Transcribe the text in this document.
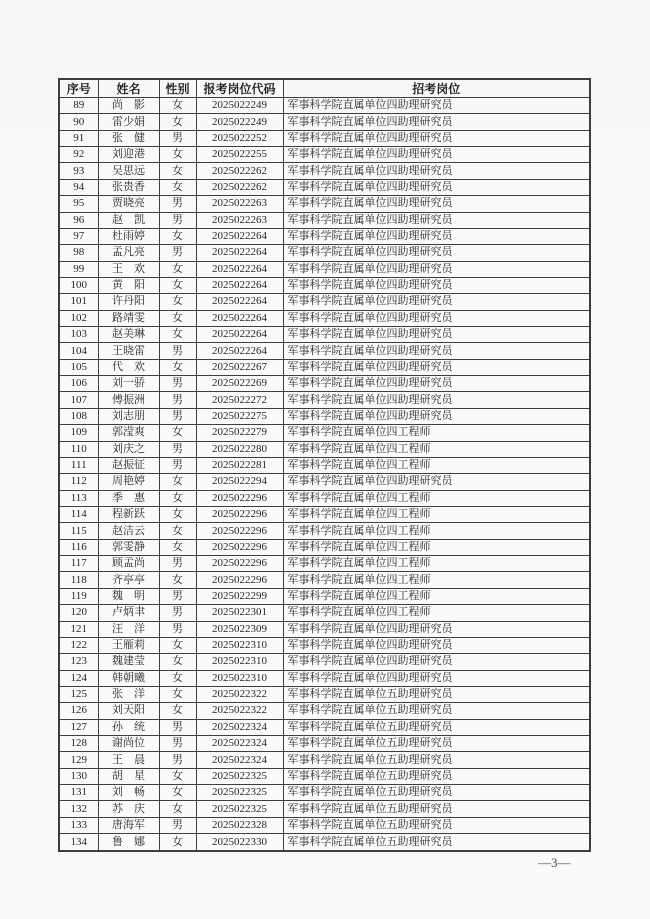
序号	姓名	性别	报考岗位代码	招考岗位
89	尚　影	女	2025022249	军事科学院直属单位四助理研究员
90	雷少娟	女	2025022249	军事科学院直属单位四助理研究员
91	张　健	男	2025022252	军事科学院直属单位四助理研究员
92	刘迎港	女	2025022255	军事科学院直属单位四助理研究员
93	吴思远	女	2025022262	军事科学院直属单位四助理研究员
94	张贵香	女	2025022262	军事科学院直属单位四助理研究员
95	贾晓亮	男	2025022263	军事科学院直属单位四助理研究员
96	赵　凯	男	2025022263	军事科学院直属单位四助理研究员
97	杜雨婷	女	2025022264	军事科学院直属单位四助理研究员
98	孟凡亮	男	2025022264	军事科学院直属单位四助理研究员
99	王　欢	女	2025022264	军事科学院直属单位四助理研究员
100	黄　阳	女	2025022264	军事科学院直属单位四助理研究员
101	许丹阳	女	2025022264	军事科学院直属单位四助理研究员
102	路靖雯	女	2025022264	军事科学院直属单位四助理研究员
103	赵美琳	女	2025022264	军事科学院直属单位四助理研究员
104	王晓雷	男	2025022264	军事科学院直属单位四助理研究员
105	代　欢	女	2025022267	军事科学院直属单位四助理研究员
106	刘一骄	男	2025022269	军事科学院直属单位四助理研究员
107	傅振洲	男	2025022272	军事科学院直属单位四助理研究员
108	刘志朋	男	2025022275	军事科学院直属单位四助理研究员
109	郭滢爽	女	2025022279	军事科学院直属单位四工程师
110	刘庆之	男	2025022280	军事科学院直属单位四工程师
111	赵振征	男	2025022281	军事科学院直属单位四工程师
112	周艳婷	女	2025022294	军事科学院直属单位四助理研究员
113	季　惠	女	2025022296	军事科学院直属单位四工程师
114	程新跃	女	2025022296	军事科学院直属单位四工程师
115	赵洁云	女	2025022296	军事科学院直属单位四工程师
116	郭雯静	女	2025022296	军事科学院直属单位四工程师
117	顾孟尚	男	2025022296	军事科学院直属单位四工程师
118	齐亭亭	女	2025022296	军事科学院直属单位四工程师
119	魏　明	男	2025022299	军事科学院直属单位四工程师
120	卢炳聿	男	2025022301	军事科学院直属单位四工程师
121	汪　洋	男	2025022309	军事科学院直属单位四助理研究员
122	王雁莉	女	2025022310	军事科学院直属单位四助理研究员
123	魏建莹	女	2025022310	军事科学院直属单位四助理研究员
124	韩朝曦	女	2025022310	军事科学院直属单位四助理研究员
125	张　洋	女	2025022322	军事科学院直属单位五助理研究员
126	刘天阳	女	2025022322	军事科学院直属单位五助理研究员
127	孙　统	男	2025022324	军事科学院直属单位五助理研究员
128	谢尚位	男	2025022324	军事科学院直属单位五助理研究员
129	王　晨	男	2025022324	军事科学院直属单位五助理研究员
130	胡　星	女	2025022325	军事科学院直属单位五助理研究员
131	刘　畅	女	2025022325	军事科学院直属单位五助理研究员
132	苏　庆	女	2025022325	军事科学院直属单位五助理研究员
133	唐海军	男	2025022328	军事科学院直属单位五助理研究员
134	鲁　娜	女	2025022330	军事科学院直属单位五助理研究员
—3—
